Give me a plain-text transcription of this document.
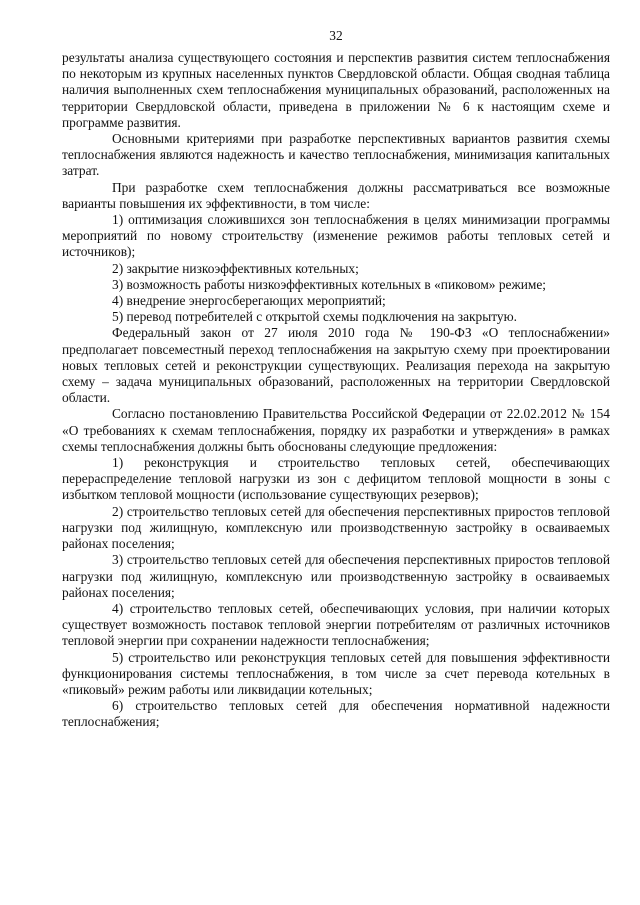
32

результаты анализа существующего состояния и перспектив развития систем теплоснабжения по некоторым из крупных населенных пунктов Свердловской области. Общая сводная таблица наличия выполненных схем теплоснабжения муниципальных образований, расположенных на территории Свердловской области, приведена в приложении № 6 к настоящим схеме и программе развития.

Основными критериями при разработке перспективных вариантов развития схемы теплоснабжения являются надежность и качество теплоснабжения, минимизация капитальных затрат.

При разработке схем теплоснабжения должны рассматриваться все возможные варианты повышения их эффективности, в том числе:

1) оптимизация сложившихся зон теплоснабжения в целях минимизации программы мероприятий по новому строительству (изменение режимов работы тепловых сетей и источников);

2) закрытие низкоэффективных котельных;

3) возможность работы низкоэффективных котельных в «пиковом» режиме;

4) внедрение энергосберегающих мероприятий;

5) перевод потребителей с открытой схемы подключения на закрытую.

Федеральный закон от 27 июля 2010 года № 190-ФЗ «О теплоснабжении» предполагает повсеместный переход теплоснабжения на закрытую схему при проектировании новых тепловых сетей и реконструкции существующих. Реализация перехода на закрытую схему – задача муниципальных образований, расположенных на территории Свердловской области.

Согласно постановлению Правительства Российской Федерации от 22.02.2012 № 154 «О требованиях к схемам теплоснабжения, порядку их разработки и утверждения» в рамках схемы теплоснабжения должны быть обоснованы следующие предложения:

1) реконструкция и строительство тепловых сетей, обеспечивающих перераспределение тепловой нагрузки из зон с дефицитом тепловой мощности в зоны с избытком тепловой мощности (использование существующих резервов);

2) строительство тепловых сетей для обеспечения перспективных приростов тепловой нагрузки под жилищную, комплексную или производственную застройку в осваиваемых районах поселения;

3) строительство тепловых сетей для обеспечения перспективных приростов тепловой нагрузки под жилищную, комплексную или производственную застройку в осваиваемых районах поселения;

4) строительство тепловых сетей, обеспечивающих условия, при наличии которых существует возможность поставок тепловой энергии потребителям от различных источников тепловой энергии при сохранении надежности теплоснабжения;

5) строительство или реконструкция тепловых сетей для повышения эффективности функционирования системы теплоснабжения, в том числе за счет перевода котельных в «пиковый» режим работы или ликвидации котельных;

6) строительство тепловых сетей для обеспечения нормативной надежности теплоснабжения;
